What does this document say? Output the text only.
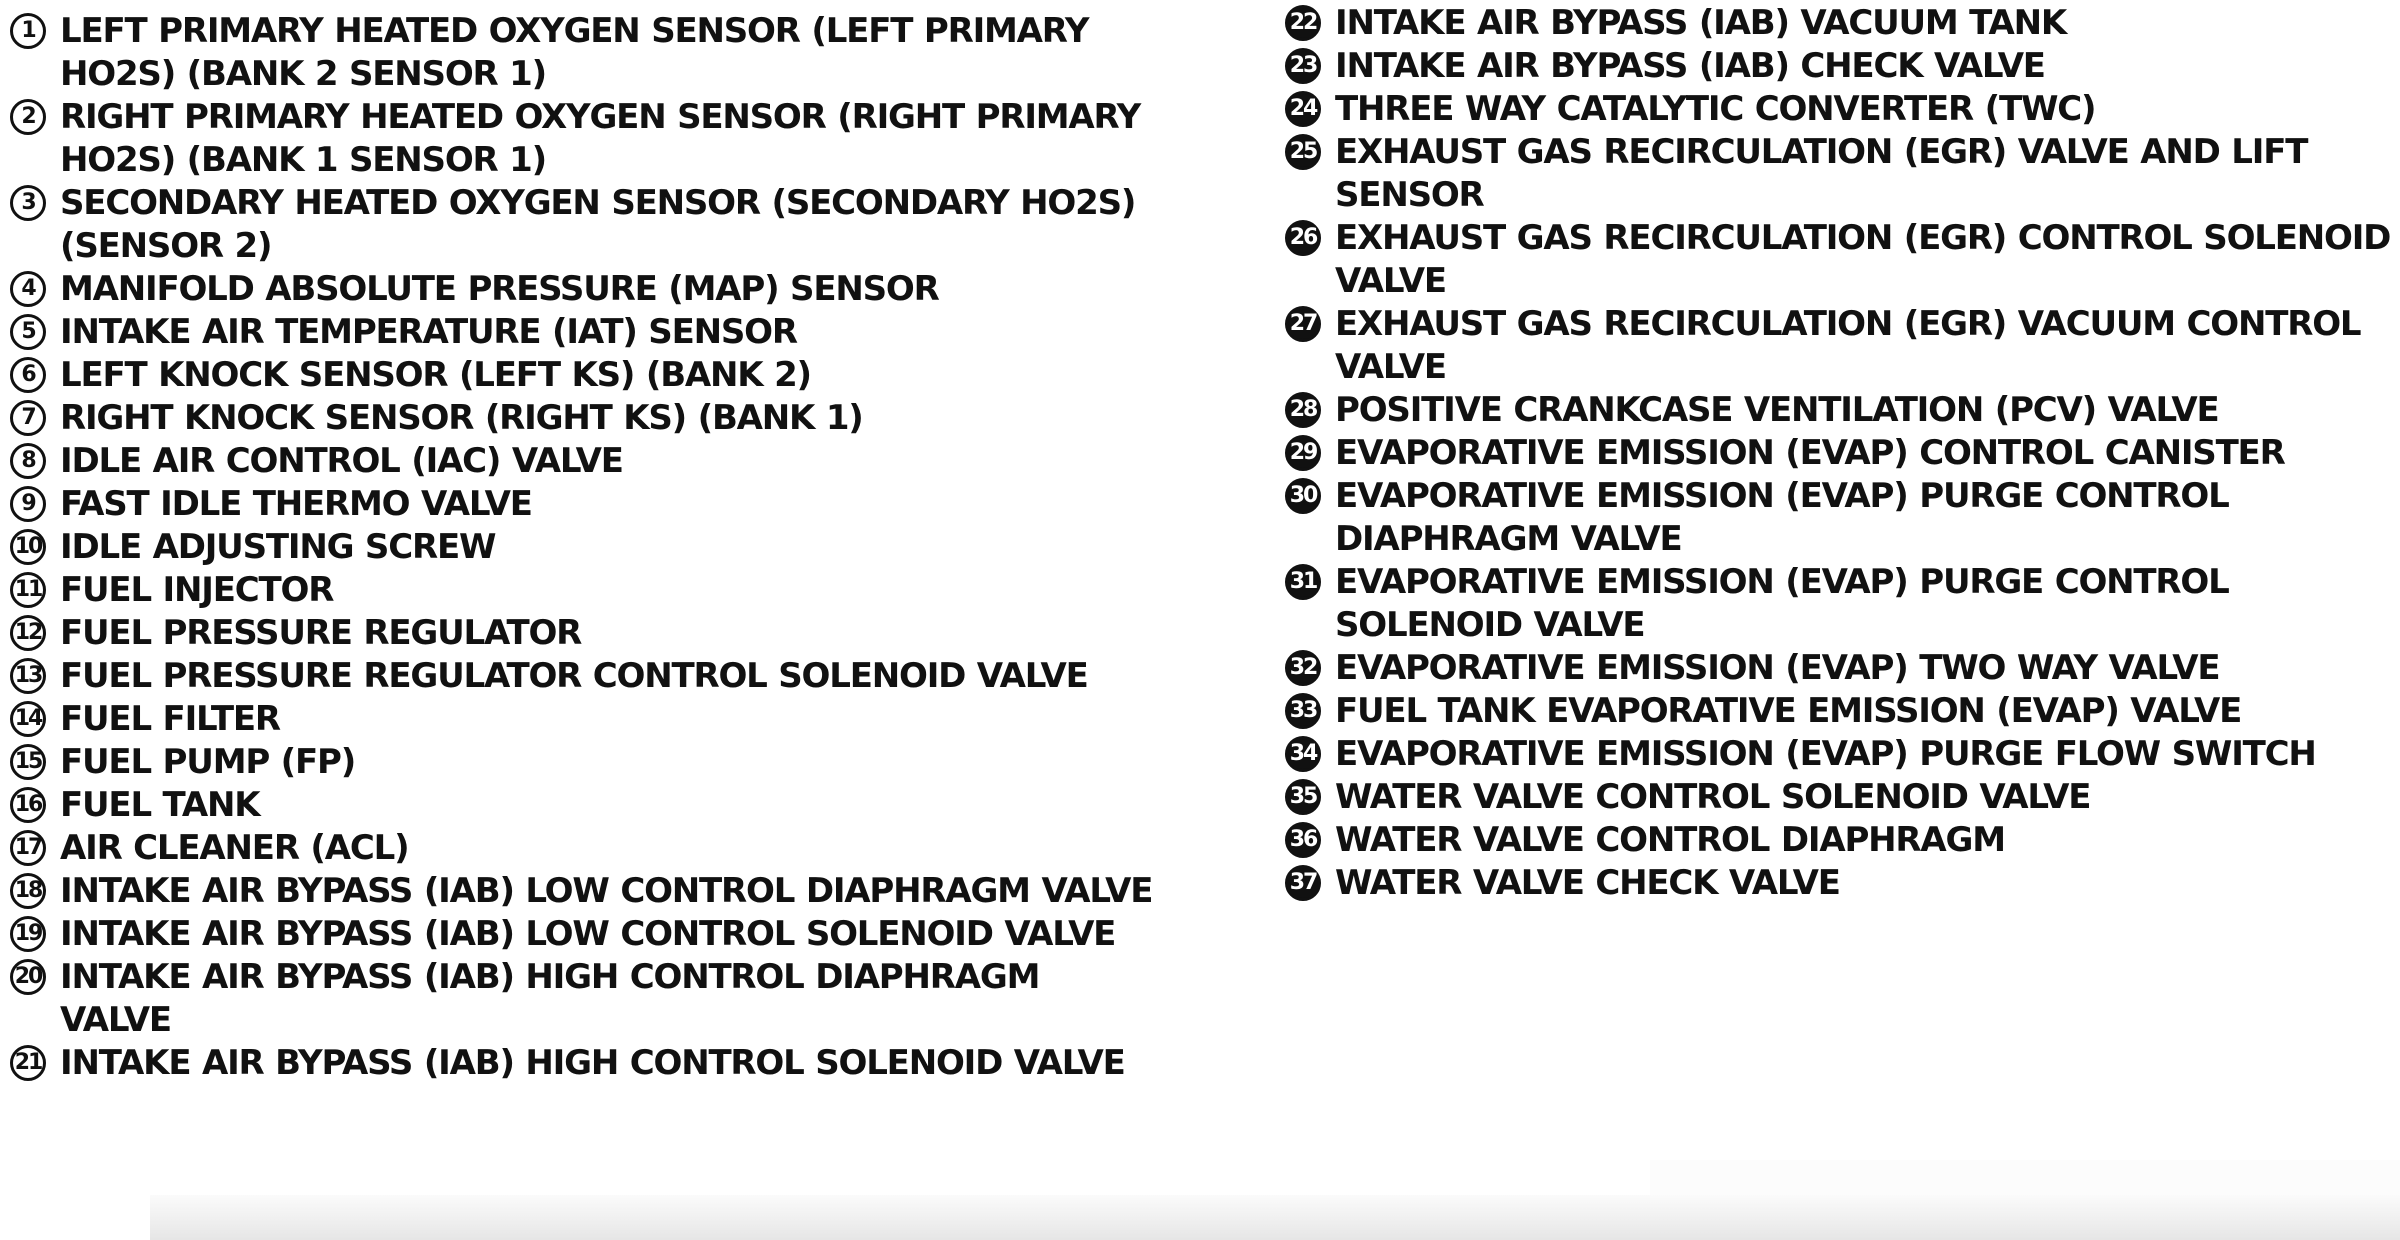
1 LEFT PRIMARY HEATED OXYGEN SENSOR (LEFT PRIMARY HO2S) (BANK 2 SENSOR 1)
2 RIGHT PRIMARY HEATED OXYGEN SENSOR (RIGHT PRIMARY HO2S) (BANK 1 SENSOR 1)
3 SECONDARY HEATED OXYGEN SENSOR (SECONDARY HO2S) (SENSOR 2)
4 MANIFOLD ABSOLUTE PRESSURE (MAP) SENSOR
5 INTAKE AIR TEMPERATURE (IAT) SENSOR
6 LEFT KNOCK SENSOR (LEFT KS) (BANK 2)
7 RIGHT KNOCK SENSOR (RIGHT KS) (BANK 1)
8 IDLE AIR CONTROL (IAC) VALVE
9 FAST IDLE THERMO VALVE
10 IDLE ADJUSTING SCREW
11 FUEL INJECTOR
12 FUEL PRESSURE REGULATOR
13 FUEL PRESSURE REGULATOR CONTROL SOLENOID VALVE
14 FUEL FILTER
15 FUEL PUMP (FP)
16 FUEL TANK
17 AIR CLEANER (ACL)
18 INTAKE AIR BYPASS (IAB) LOW CONTROL DIAPHRAGM VALVE
19 INTAKE AIR BYPASS (IAB) LOW CONTROL SOLENOID VALVE
20 INTAKE AIR BYPASS (IAB) HIGH CONTROL DIAPHRAGM VALVE
21 INTAKE AIR BYPASS (IAB) HIGH CONTROL SOLENOID VALVE
22 INTAKE AIR BYPASS (IAB) VACUUM TANK
23 INTAKE AIR BYPASS (IAB) CHECK VALVE
24 THREE WAY CATALYTIC CONVERTER (TWC)
25 EXHAUST GAS RECIRCULATION (EGR) VALVE AND LIFT SENSOR
26 EXHAUST GAS RECIRCULATION (EGR) CONTROL SOLENOID VALVE
27 EXHAUST GAS RECIRCULATION (EGR) VACUUM CONTROL VALVE
28 POSITIVE CRANKCASE VENTILATION (PCV) VALVE
29 EVAPORATIVE EMISSION (EVAP) CONTROL CANISTER
30 EVAPORATIVE EMISSION (EVAP) PURGE CONTROL DIAPHRAGM VALVE
31 EVAPORATIVE EMISSION (EVAP) PURGE CONTROL SOLENOID VALVE
32 EVAPORATIVE EMISSION (EVAP) TWO WAY VALVE
33 FUEL TANK EVAPORATIVE EMISSION (EVAP) VALVE
34 EVAPORATIVE EMISSION (EVAP) PURGE FLOW SWITCH
35 WATER VALVE CONTROL SOLENOID VALVE
36 WATER VALVE CONTROL DIAPHRAGM
37 WATER VALVE CHECK VALVE
